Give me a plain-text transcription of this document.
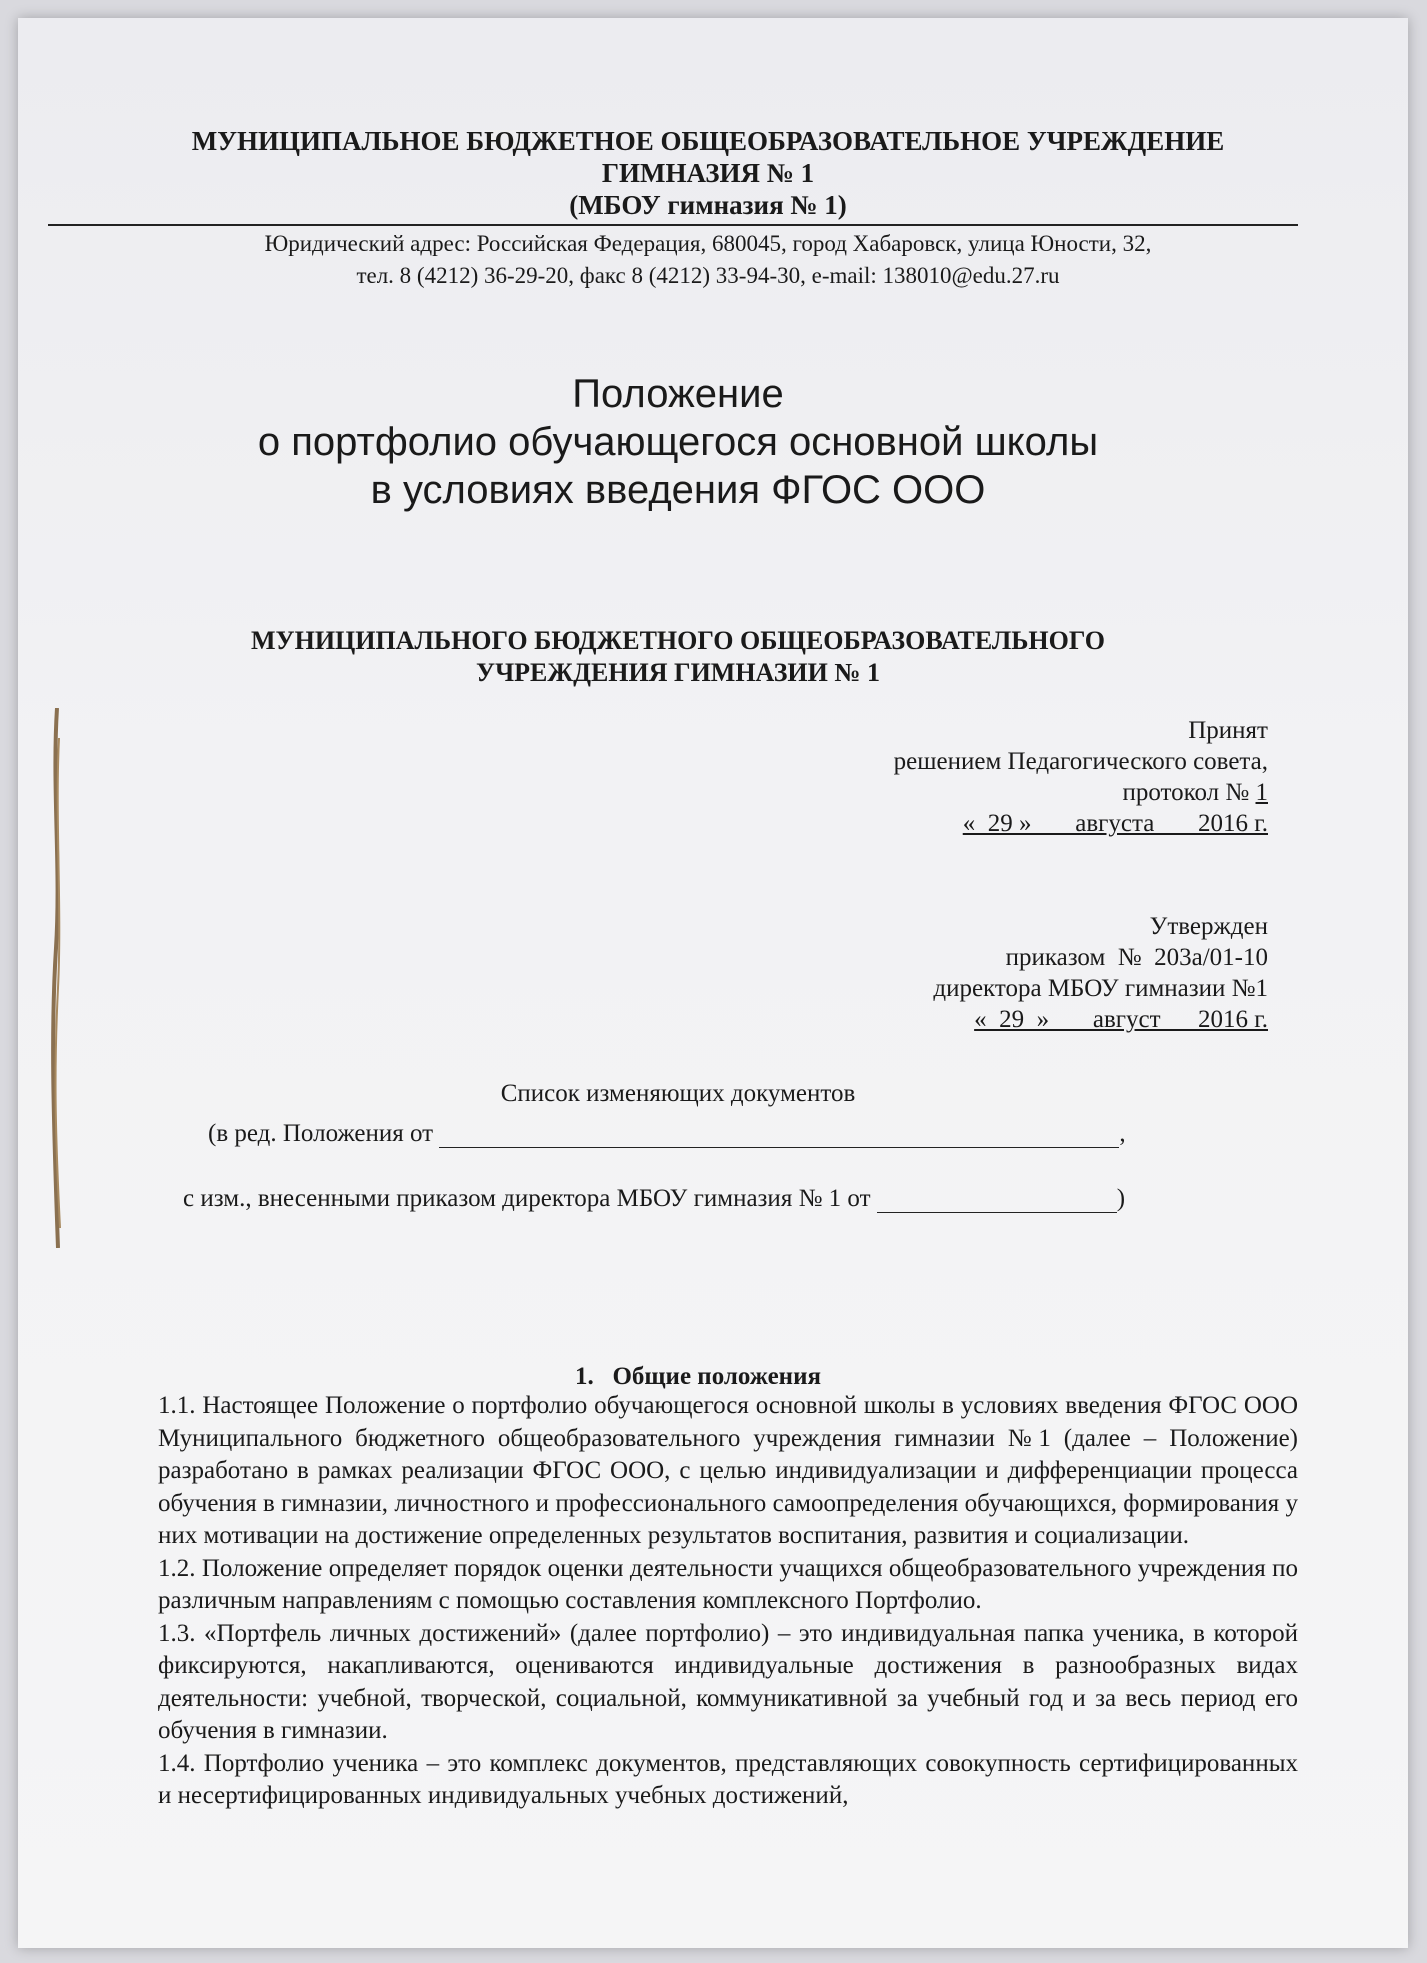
МУНИЦИПАЛЬНОЕ БЮДЖЕТНОЕ ОБЩЕОБРАЗОВАТЕЛЬНОЕ УЧРЕЖДЕНИЕ
ГИМНАЗИЯ № 1
(МБОУ гимназия № 1)
Юридический адрес: Российская Федерация, 680045, город Хабаровск, улица Юности, 32,
тел. 8 (4212) 36-29-20, факс 8 (4212) 33-94-30, e-mail: 138010@edu.27.ru
Положение
о портфолио обучающегося основной школы
в условиях введения ФГОС ООО
МУНИЦИПАЛЬНОГО БЮДЖЕТНОГО ОБЩЕОБРАЗОВАТЕЛЬНОГО
УЧРЕЖДЕНИЯ ГИМНАЗИИ № 1
Принят
решением Педагогического совета,
протокол № 1
«  29 »       августа       2016 г.
Утвержден
приказом  №  203а/01-10
директора МБОУ гимназии №1
«  29  »       август      2016 г.
Список изменяющих документов
(в ред. Положения от	,
с изм., внесенными приказом директора МБОУ гимназия № 1 от	)
1.   Общие положения

1.1. Настоящее Положение о портфолио обучающегося основной школы в условиях введения ФГОС ООО Муниципального бюджетного общеобразовательного учреждения гимназии №1 (далее – Положение) разработано в рамках реализации ФГОС ООО, с целью индивидуализации и дифференциации процесса обучения в гимназии, личностного и профессионального самоопределения обучающихся, формирования у них мотивации на достижение определенных результатов воспитания, развития и социализации.

1.2. Положение определяет порядок оценки деятельности учащихся общеобразовательного учреждения по различным направлениям с помощью составления комплексного Портфолио.

1.3. «Портфель личных достижений» (далее портфолио) – это индивидуальная папка ученика, в которой фиксируются, накапливаются, оцениваются индивидуальные достижения в разнообразных видах деятельности: учебной, творческой, социальной, коммуникативной за учебный год и за весь период его обучения в гимназии.

1.4. Портфолио ученика – это комплекс документов, представляющих совокупность сертифицированных и несертифицированных индивидуальных учебных достижений,
